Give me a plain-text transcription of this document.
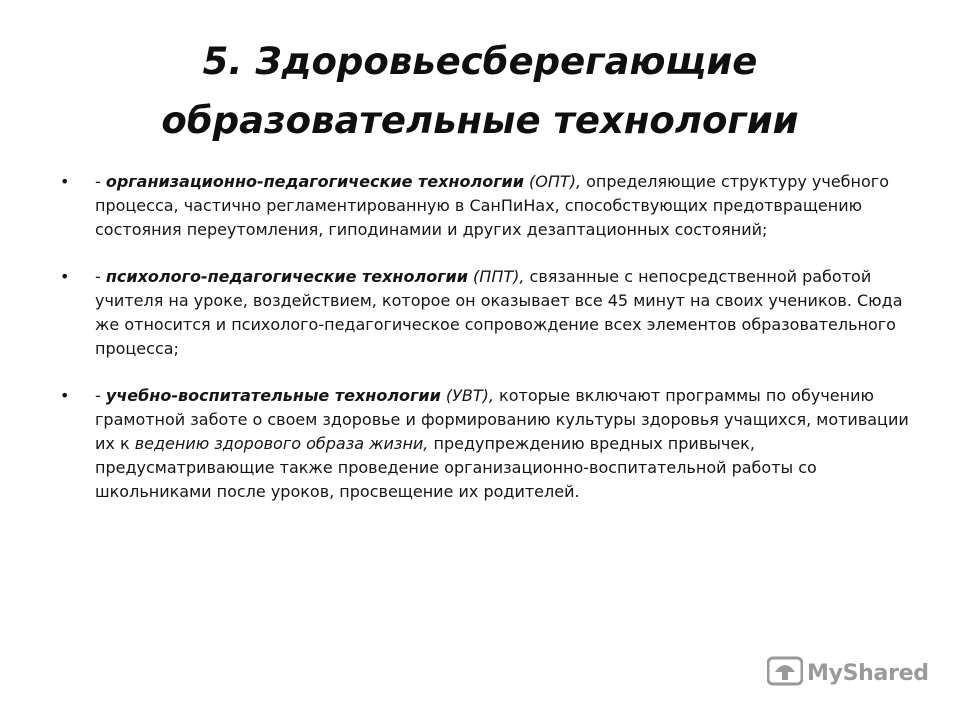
5. Здоровьесберегающие
образовательные технологии
• - организационно-педагогические технологии (ОПТ), определяющие структуру учебного процесса, частично регламентированную в СанПиНах, способствующих предотвращению состояния переутомления, гиподинамии и других дезаптационных состояний;
• - психолого-педагогические технологии (ППТ), связанные с непосредственной работой учителя на уроке, воздействием, которое он оказывает все 45 минут на своих учеников. Сюда же относится и психолого-педагогическое сопровождение всех элементов образовательного процесса;
• - учебно-воспитательные технологии (УВТ), которые включают программы по обучению грамотной заботе о своем здоровье и формированию культуры здоровья учащихся, мотивации их к ведению здорового образа жизни, предупреждению вредных привычек, предусматривающие также проведение организационно-воспитательной работы со школьниками после уроков, просвещение их родителей.
MyShared
